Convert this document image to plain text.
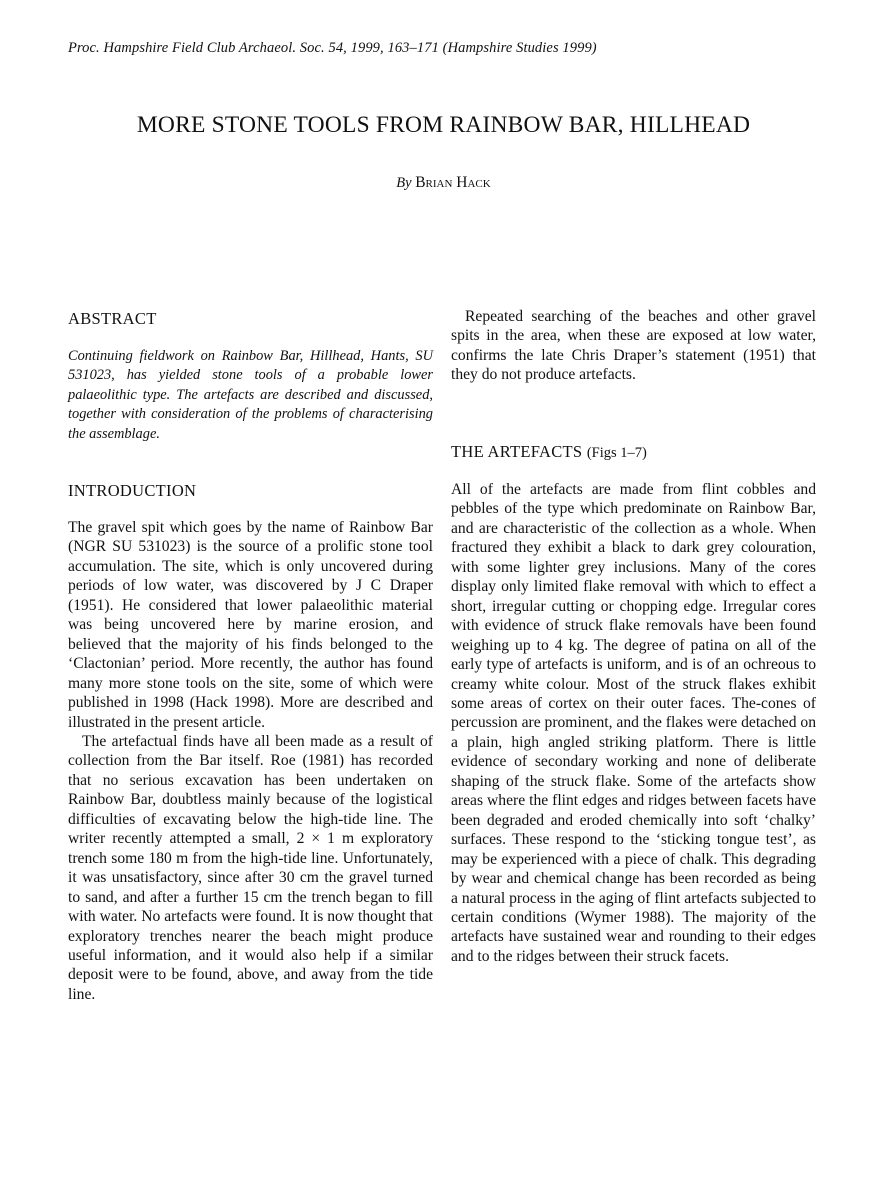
Proc. Hampshire Field Club Archaeol. Soc. 54, 1999, 163–171 (Hampshire Studies 1999)
MORE STONE TOOLS FROM RAINBOW BAR, HILLHEAD
By Brian Hack
ABSTRACT

Continuing fieldwork on Rainbow Bar, Hillhead, Hants, SU 531023, has yielded stone tools of a probable lower palaeolithic type. The artefacts are described and discussed, together with consideration of the problems of characterising the assemblage.

INTRODUCTION

The gravel spit which goes by the name of Rainbow Bar (NGR SU 531023) is the source of a prolific stone tool accumulation. The site, which is only uncovered during periods of low water, was discovered by J C Draper (1951). He considered that lower palaeolithic material was being uncovered here by marine erosion, and believed that the majority of his finds belonged to the ‘Clactonian’ period. More recently, the author has found many more stone tools on the site, some of which were published in 1998 (Hack 1998). More are described and illustrated in the present article.

The artefactual finds have all been made as a result of collection from the Bar itself. Roe (1981) has recorded that no serious excavation has been undertaken on Rainbow Bar, doubtless mainly because of the logistical difficulties of excavating below the high-tide line. The writer recently attempted a small, 2 × 1 m exploratory trench some 180 m from the high-tide line. Unfortunately, it was unsatisfactory, since after 30 cm the gravel turned to sand, and after a further 15 cm the trench began to fill with water. No artefacts were found. It is now thought that exploratory trenches nearer the beach might produce useful information, and it would also help if a similar deposit were to be found, above, and away from the tide line.

Repeated searching of the beaches and other gravel spits in the area, when these are exposed at low water, confirms the late Chris Draper’s statement (1951) that they do not produce artefacts.

THE ARTEFACTS (Figs 1–7)

All of the artefacts are made from flint cobbles and pebbles of the type which predominate on Rainbow Bar, and are characteristic of the collection as a whole. When fractured they exhibit a black to dark grey colouration, with some lighter grey inclusions. Many of the cores display only limited flake removal with which to effect a short, irregular cutting or chopping edge. Irregular cores with evidence of struck flake removals have been found weighing up to 4 kg. The degree of patina on all of the early type of artefacts is uniform, and is of an ochreous to creamy white colour. Most of the struck flakes exhibit some areas of cortex on their outer faces. The-cones of percussion are prominent, and the flakes were detached on a plain, high angled striking platform. There is little evidence of secondary working and none of deliberate shaping of the struck flake. Some of the artefacts show areas where the flint edges and ridges between facets have been degraded and eroded chemically into soft ‘chalky’ surfaces. These respond to the ‘sticking tongue test’, as may be experienced with a piece of chalk. This degrading by wear and chemical change has been recorded as being a natural process in the aging of flint artefacts subjected to certain conditions (Wymer 1988). The majority of the artefacts have sustained wear and rounding to their edges and to the ridges between their struck facets.
